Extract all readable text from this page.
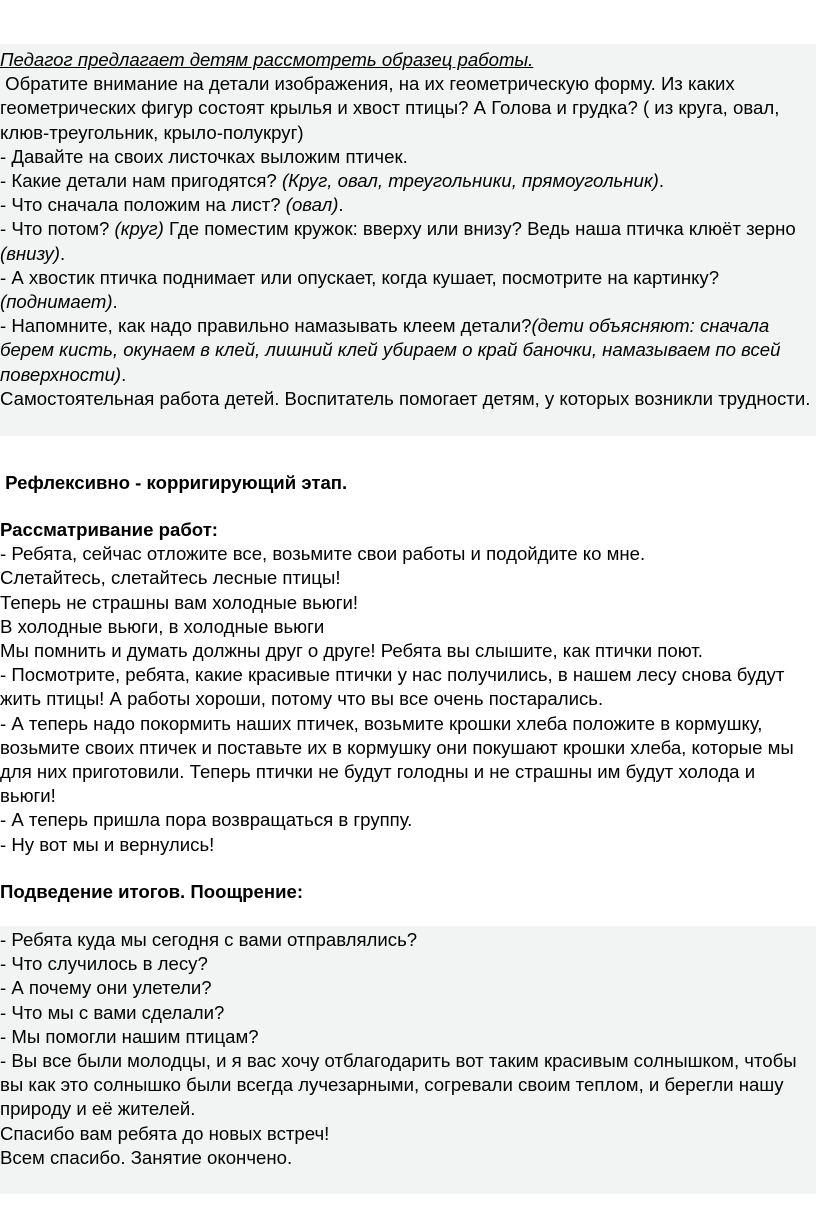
Педагог предлагает детям рассмотреть образец работы.

Обратите внимание на детали изображения, на их геометрическую форму. Из каких геометрических фигур состоят крылья и хвост птицы? А Голова и грудка? ( из круга, овал, клюв-треугольник, крыло-полукруг)

- Давайте на своих листочках выложим птичек.

- Какие детали нам пригодятся? (Круг, овал, треугольники, прямоугольник).

- Что сначала положим на лист? (овал).

- Что потом? (круг) Где поместим кружок: вверху или внизу? Ведь наша птичка клюёт зерно (внизу).

- А хвостик птичка поднимает или опускает, когда кушает, посмотрите на картинку? (поднимает).

- Напомните, как надо правильно намазывать клеем детали?(дети объясняют: сначала берем кисть, окунаем в клей, лишний клей убираем о край баночки, намазываем по всей поверхности).

Самостоятельная работа детей. Воспитатель помогает детям, у которых возникли трудности.

Рефлексивно - корригирующий этап.

Рассматривание работ:

- Ребята, сейчас отложите все, возьмите свои работы и подойдите ко мне.

Слетайтесь, слетайтесь лесные птицы!

Теперь не страшны вам холодные вьюги!

В холодные вьюги, в холодные вьюги

Мы помнить и думать должны друг о друге! Ребята вы слышите, как птички поют.

- Посмотрите, ребята, какие красивые птички у нас получились, в нашем лесу снова будут жить птицы! А работы хороши, потому что вы все очень постарались.

- А теперь надо покормить наших птичек, возьмите крошки хлеба положите в кормушку, возьмите своих птичек и поставьте их в кормушку они покушают крошки хлеба, которые мы для них приготовили. Теперь птички не будут голодны и не страшны им будут холода и вьюги!

- А теперь пришла пора возвращаться в группу.

- Ну вот мы и вернулись!

Подведение итогов. Поощрение:

- Ребята куда мы сегодня с вами отправлялись?

- Что случилось в лесу?

- А почему они улетели?

- Что мы с вами сделали?

- Мы помогли нашим птицам?

- Вы все были молодцы, и я вас хочу отблагодарить вот таким красивым солнышком, чтобы вы как это солнышко были всегда лучезарными, согревали своим теплом, и берегли нашу природу и её жителей.

Спасибо вам ребята до новых встреч!

Всем спасибо. Занятие окончено.
